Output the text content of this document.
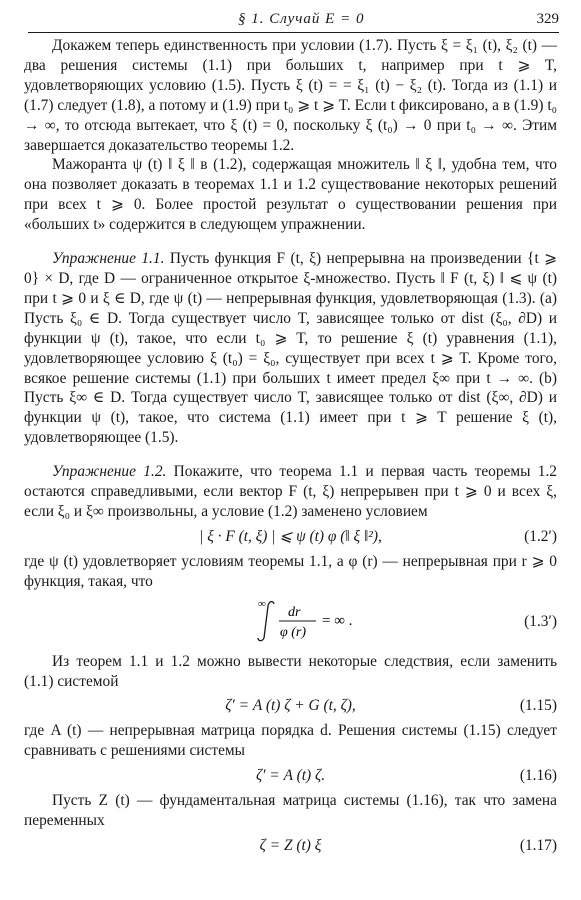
§ 1. Случай E = 0	329

Докажем теперь единственность при условии (1.7). Пусть ξ = ξ₁ (t), ξ₂ (t) — два решения системы (1.1) при больших t, например при t ⩾ T, удовлетворяющих условию (1.5). Пусть ξ (t) = = ξ₁ (t) − ξ₂ (t). Тогда из (1.1) и (1.7) следует (1.8), а потому и (1.9) при t₀ ⩾ t ⩾ T. Если t фиксировано, а в (1.9) t₀ → ∞, то отсюда вытекает, что ξ (t) = 0, поскольку ξ (t₀) → 0 при t₀ → ∞. Этим завершается доказательство теоремы 1.2.

Мажоранта ψ (t) ‖ ξ ‖ в (1.2), содержащая множитель ‖ ξ ‖, удобна тем, что она позволяет доказать в теоремах 1.1 и 1.2 существование некоторых решений при всех t ⩾ 0. Более простой результат о существовании решения при «больших t» содержится в следующем упражнении.

Упражнение 1.1. Пусть функция F (t, ξ) непрерывна на произведении {t ⩾ 0} × D, где D — ограниченное открытое ξ-множество. Пусть ‖ F (t, ξ) ‖ ⩽ ψ (t) при t ⩾ 0 и ξ ∈ D, где ψ (t) — непрерывная функция, удовлетворяющая (1.3). (a) Пусть ξ₀ ∈ D. Тогда существует число T, зависящее только от dist (ξ₀, ∂D) и функции ψ (t), такое, что если t₀ ⩾ T, то решение ξ (t) уравнения (1.1), удовлетворяющее условию ξ (t₀) = ξ₀, существует при всех t ⩾ T. Кроме того, всякое решение системы (1.1) при больших t имеет предел ξ∞ при t → ∞. (b) Пусть ξ∞ ∈ D. Тогда существует число T, зависящее только от dist (ξ∞, ∂D) и функции ψ (t), такое, что система (1.1) имеет при t ⩾ T решение ξ (t), удовлетворяющее (1.5).

Упражнение 1.2. Покажите, что теорема 1.1 и первая часть теоремы 1.2 остаются справедливыми, если вектор F (t, ξ) непрерывен при t ⩾ 0 и всех ξ, если ξ₀ и ξ∞ произвольны, а условие (1.2) заменено условием

| ξ · F (t, ξ) | ⩽ ψ (t) φ (‖ ξ ‖²),	(1.2′)

где ψ (t) удовлетворяет условиям теоремы 1.1, а φ (r) — непрерывная при r ⩾ 0 функция, такая, что

∞
dr
φ (r)
= ∞ .	(1.3′)

Из теорем 1.1 и 1.2 можно вывести некоторые следствия, если заменить (1.1) системой

ζ′ = A (t) ζ + G (t, ζ),	(1.15)

где A (t) — непрерывная матрица порядка d. Решения системы (1.15) следует сравнивать с решениями системы

ζ′ = A (t) ζ.	(1.16)

Пусть Z (t) — фундаментальная матрица системы (1.16), так что замена переменных

ζ = Z (t) ξ	(1.17)
